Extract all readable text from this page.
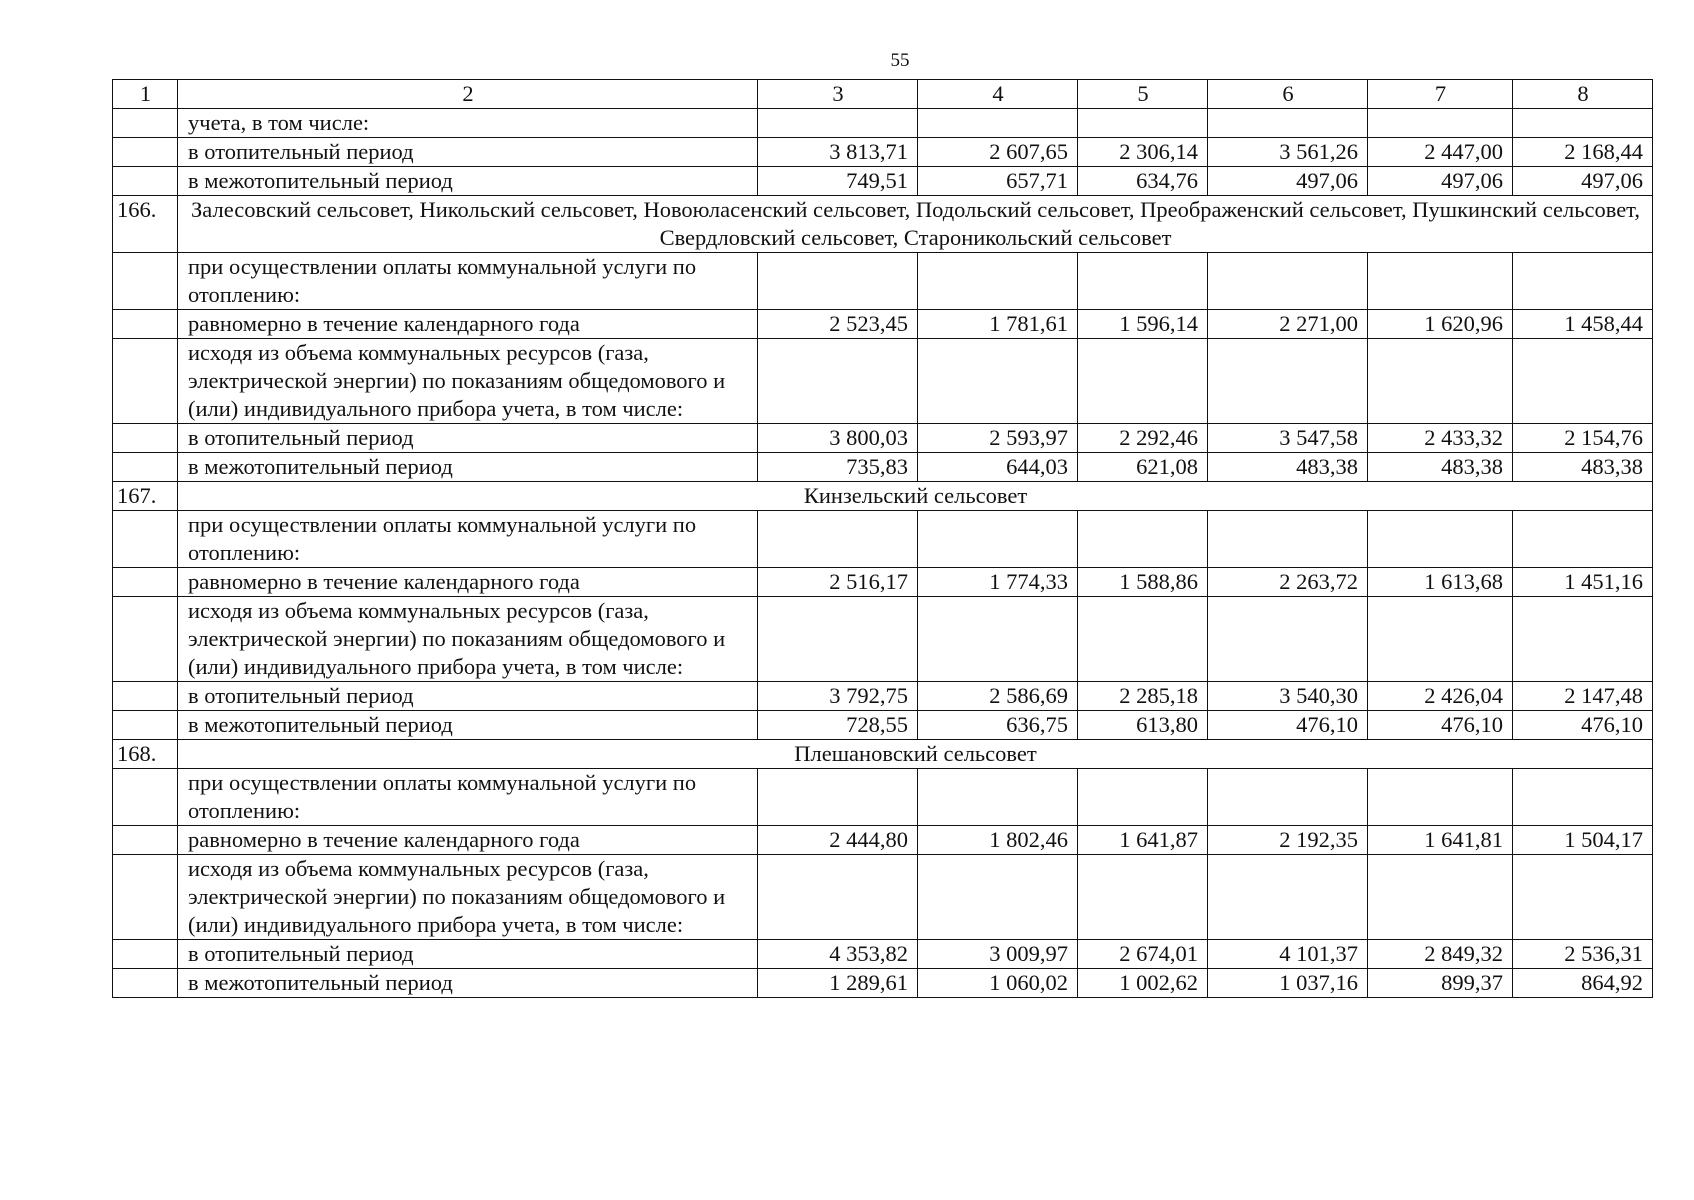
55
1	2	3	4	5	6	7	8
	учета, в том числе:						
	в отопительный период	3 813,71	2 607,65	2 306,14	3 561,26	2 447,00	2 168,44
	в межотопительный период	749,51	657,71	634,76	497,06	497,06	497,06
166.	Залесовский сельсовет, Никольский сельсовет, Новоюласенский сельсовет, Подольский сельсовет, Преображенский сельсовет, Пушкинский сельсовет, Свердловский сельсовет, Староникольский сельсовет						
	при осуществлении оплаты коммунальной услуги по отоплению:						
	равномерно в течение календарного года	2 523,45	1 781,61	1 596,14	2 271,00	1 620,96	1 458,44
	исходя из объема коммунальных ресурсов (газа, электрической энергии) по показаниям общедомового и (или) индивидуального прибора учета, в том числе:						
	в отопительный период	3 800,03	2 593,97	2 292,46	3 547,58	2 433,32	2 154,76
	в межотопительный период	735,83	644,03	621,08	483,38	483,38	483,38
167.	Кинзельский сельсовет						
	при осуществлении оплаты коммунальной услуги по отоплению:						
	равномерно в течение календарного года	2 516,17	1 774,33	1 588,86	2 263,72	1 613,68	1 451,16
	исходя из объема коммунальных ресурсов (газа, электрической энергии) по показаниям общедомового и (или) индивидуального прибора учета, в том числе:						
	в отопительный период	3 792,75	2 586,69	2 285,18	3 540,30	2 426,04	2 147,48
	в межотопительный период	728,55	636,75	613,80	476,10	476,10	476,10
168.	Плешановский сельсовет						
	при осуществлении оплаты коммунальной услуги по отоплению:						
	равномерно в течение календарного года	2 444,80	1 802,46	1 641,87	2 192,35	1 641,81	1 504,17
	исходя из объема коммунальных ресурсов (газа, электрической энергии) по показаниям общедомового и (или) индивидуального прибора учета, в том числе:						
	в отопительный период	4 353,82	3 009,97	2 674,01	4 101,37	2 849,32	2 536,31
	в межотопительный период	1 289,61	1 060,02	1 002,62	1 037,16	899,37	864,92
